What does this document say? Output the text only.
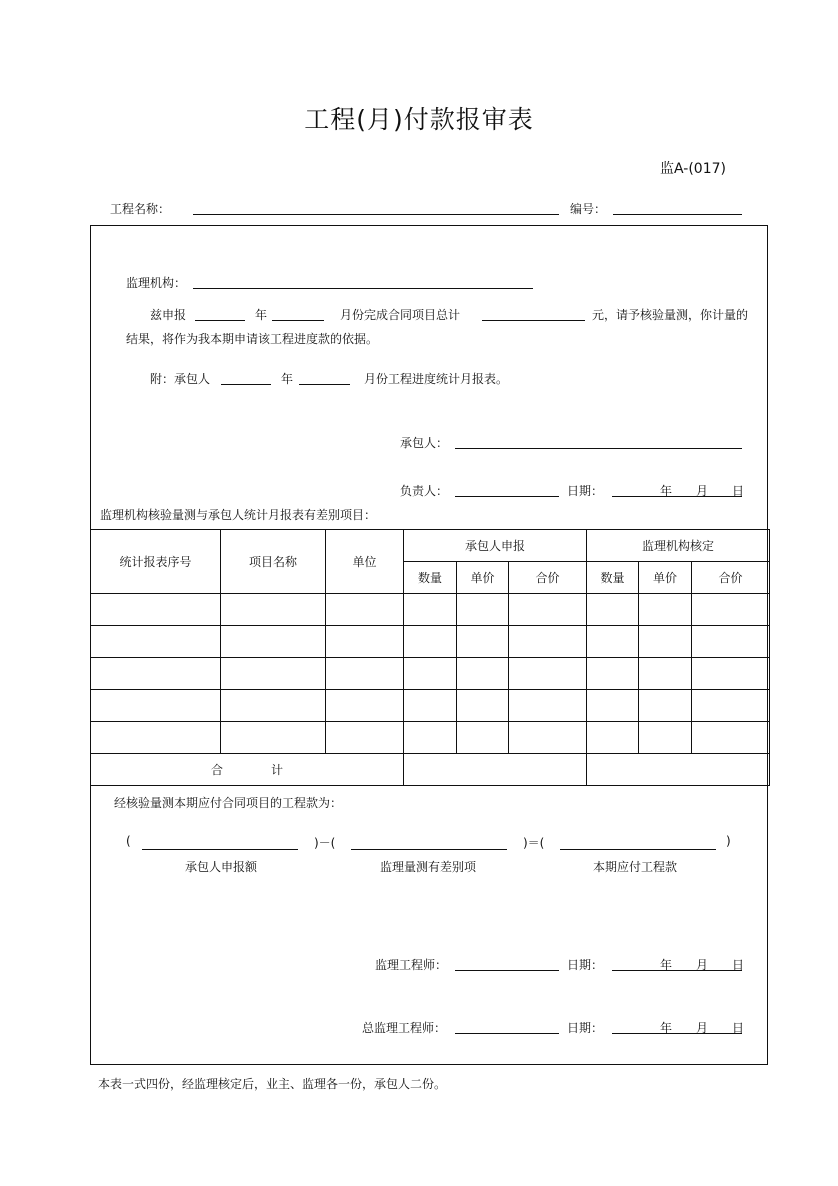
工程(月)付款报审表
监A-(017)
工程名称：	编号：
监理机构：
兹申报	年	月份完成合同项目总计	元，请予核验量测，你计量的
结果，将作为我本期申请该工程进度款的依据。
附：承包人	年	月份工程进度统计月报表。
承包人：
负责人：	日期：	年　　月　　日
监理机构核验量测与承包人统计月报表有差别项目：
统计报表序号	项目名称	单位	承包人申报			监理机构核定		
			数量	单价	合价	数量	单价	合价

合　　　　计								
经核验量测本期应付合同项目的工程款为：
(	)－(	)＝(	)
承包人申报额	监理量测有差别项	本期应付工程款
监理工程师：	日期：	年　　月　　日
总监理工程师：	日期：	年　　月　　日
本表一式四份，经监理核定后，业主、监理各一份，承包人二份。
